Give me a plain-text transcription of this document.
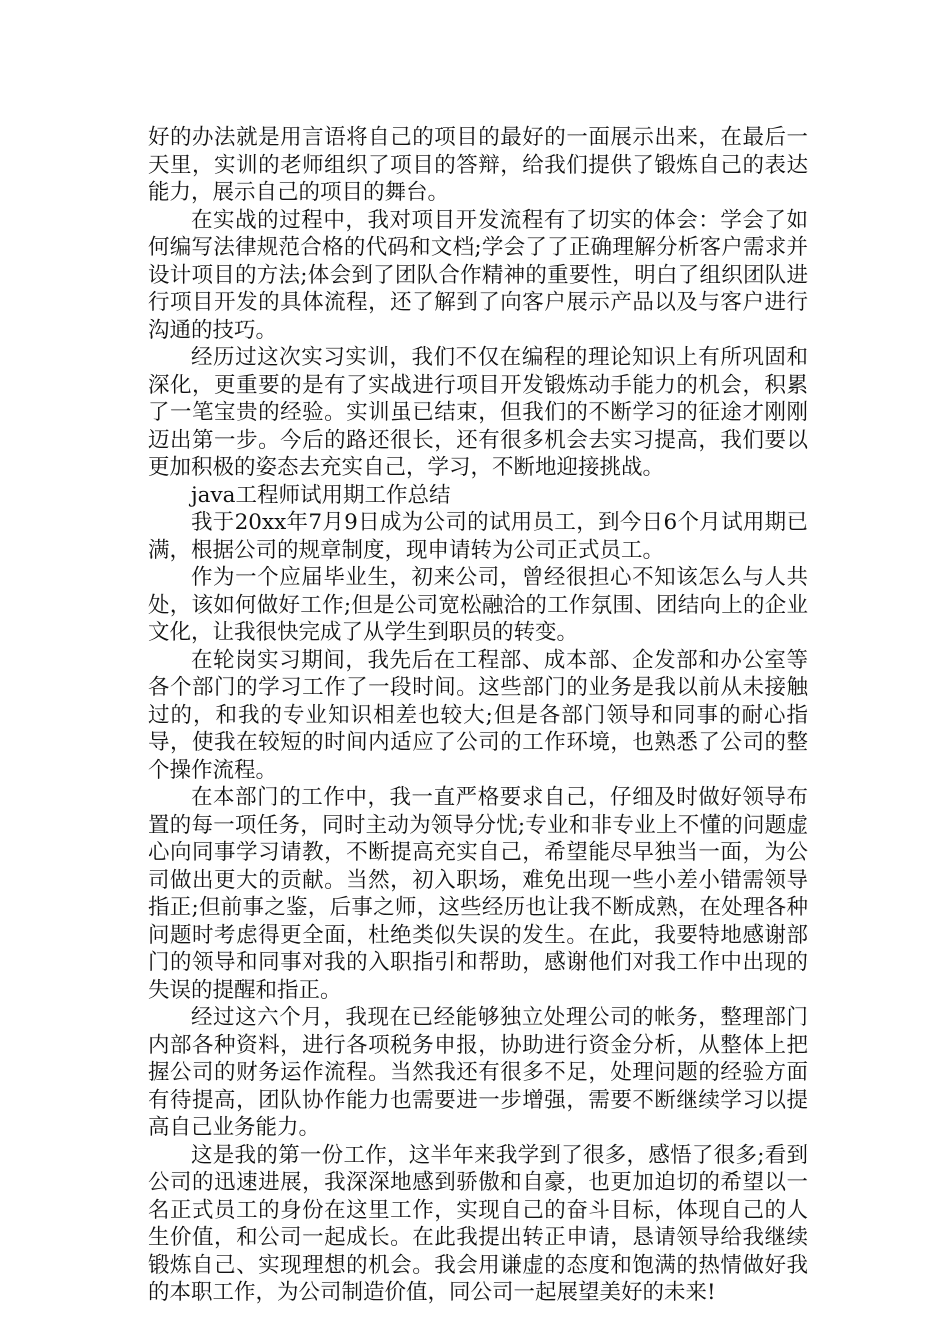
好的办法就是用言语将自己的项目的最好的一面展示出来，在最后一天里，实训的老师组织了项目的答辩，给我们提供了锻炼自己的表达能力，展示自己的项目的舞台。

在实战的过程中，我对项目开发流程有了切实的体会：学会了如何编写法律规范合格的代码和文档;学会了了正确理解分析客户需求并设计项目的方法;体会到了团队合作精神的重要性，明白了组织团队进行项目开发的具体流程，还了解到了向客户展示产品以及与客户进行沟通的技巧。

经历过这次实习实训，我们不仅在编程的理论知识上有所巩固和深化，更重要的是有了实战进行项目开发锻炼动手能力的机会，积累了一笔宝贵的经验。实训虽已结束，但我们的不断学习的征途才刚刚迈出第一步。今后的路还很长，还有很多机会去实习提高，我们要以更加积极的姿态去充实自己，学习，不断地迎接挑战。

java工程师试用期工作总结

我于20xx年7月9日成为公司的试用员工，到今日6个月试用期已满，根据公司的规章制度，现申请转为公司正式员工。

作为一个应届毕业生，初来公司，曾经很担心不知该怎么与人共处，该如何做好工作;但是公司宽松融洽的工作氛围、团结向上的企业文化，让我很快完成了从学生到职员的转变。

在轮岗实习期间，我先后在工程部、成本部、企发部和办公室等各个部门的学习工作了一段时间。这些部门的业务是我以前从未接触过的，和我的专业知识相差也较大;但是各部门领导和同事的耐心指导，使我在较短的时间内适应了公司的工作环境，也熟悉了公司的整个操作流程。

在本部门的工作中，我一直严格要求自己，仔细及时做好领导布置的每一项任务，同时主动为领导分忧;专业和非专业上不懂的问题虚心向同事学习请教，不断提高充实自己，希望能尽早独当一面，为公司做出更大的贡献。当然，初入职场，难免出现一些小差小错需领导指正;但前事之鉴，后事之师，这些经历也让我不断成熟，在处理各种问题时考虑得更全面，杜绝类似失误的发生。在此，我要特地感谢部门的领导和同事对我的入职指引和帮助，感谢他们对我工作中出现的失误的提醒和指正。

经过这六个月，我现在已经能够独立处理公司的帐务，整理部门内部各种资料，进行各项税务申报，协助进行资金分析，从整体上把握公司的财务运作流程。当然我还有很多不足，处理问题的经验方面有待提高，团队协作能力也需要进一步增强，需要不断继续学习以提高自己业务能力。

这是我的第一份工作，这半年来我学到了很多，感悟了很多;看到公司的迅速进展，我深深地感到骄傲和自豪，也更加迫切的希望以一名正式员工的身份在这里工作，实现自己的奋斗目标，体现自己的人生价值，和公司一起成长。在此我提出转正申请，恳请领导给我继续锻炼自己、实现理想的机会。我会用谦虚的态度和饱满的热情做好我的本职工作，为公司制造价值，同公司一起展望美好的未来!
